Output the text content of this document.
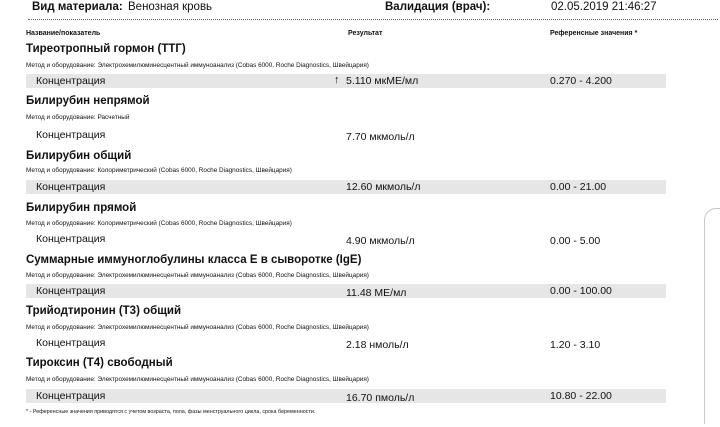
Вид материала: Венозная кровь	Валидация (врач):	02.05.2019 21:46:27
Название/показатель	Результат	Референсные значения *
Тиреотропный гормон (ТТГ)
Метод и оборудование: Электрохемилюминесцентный иммуноанализ (Cobas 6000, Roche Diagnostics, Швейцария)
Концентрация	↑ 5.110 мкМЕ/мл	0.270 - 4.200
Билирубин непрямой
Метод и оборудование: Расчетный
Концентрация	7.70 мкмоль/л
Билирубин общий
Метод и оборудование: Колориметрический (Cobas 6000, Roche Diagnostics, Швейцария)
Концентрация	12.60 мкмоль/л	0.00 - 21.00
Билирубин прямой
Метод и оборудование: Колориметрический (Cobas 6000, Roche Diagnostics, Швейцария)
Концентрация	4.90 мкмоль/л	0.00 - 5.00
Суммарные иммуноглобулины класса E в сыворотке (IgE)
Метод и оборудование: Электрохемилюминесцентный иммуноанализ (Cobas 6000, Roche Diagnostics, Швейцария)
Концентрация	11.48 МЕ/мл	0.00 - 100.00
Трийодтиронин (Т3) общий
Метод и оборудование: Электрохемилюминесцентный иммуноанализ (Cobas 6000, Roche Diagnostics, Швейцария)
Концентрация	2.18 нмоль/л	1.20 - 3.10
Тироксин (Т4) свободный
Метод и оборудование: Электрохемилюминесцентный иммуноанализ (Cobas 6000, Roche Diagnostics, Швейцария)
Концентрация	16.70 пмоль/л	10.80 - 22.00
* - Референсные значения приводятся с учетом возраста, пола, фазы менструального цикла, срока беременности.
